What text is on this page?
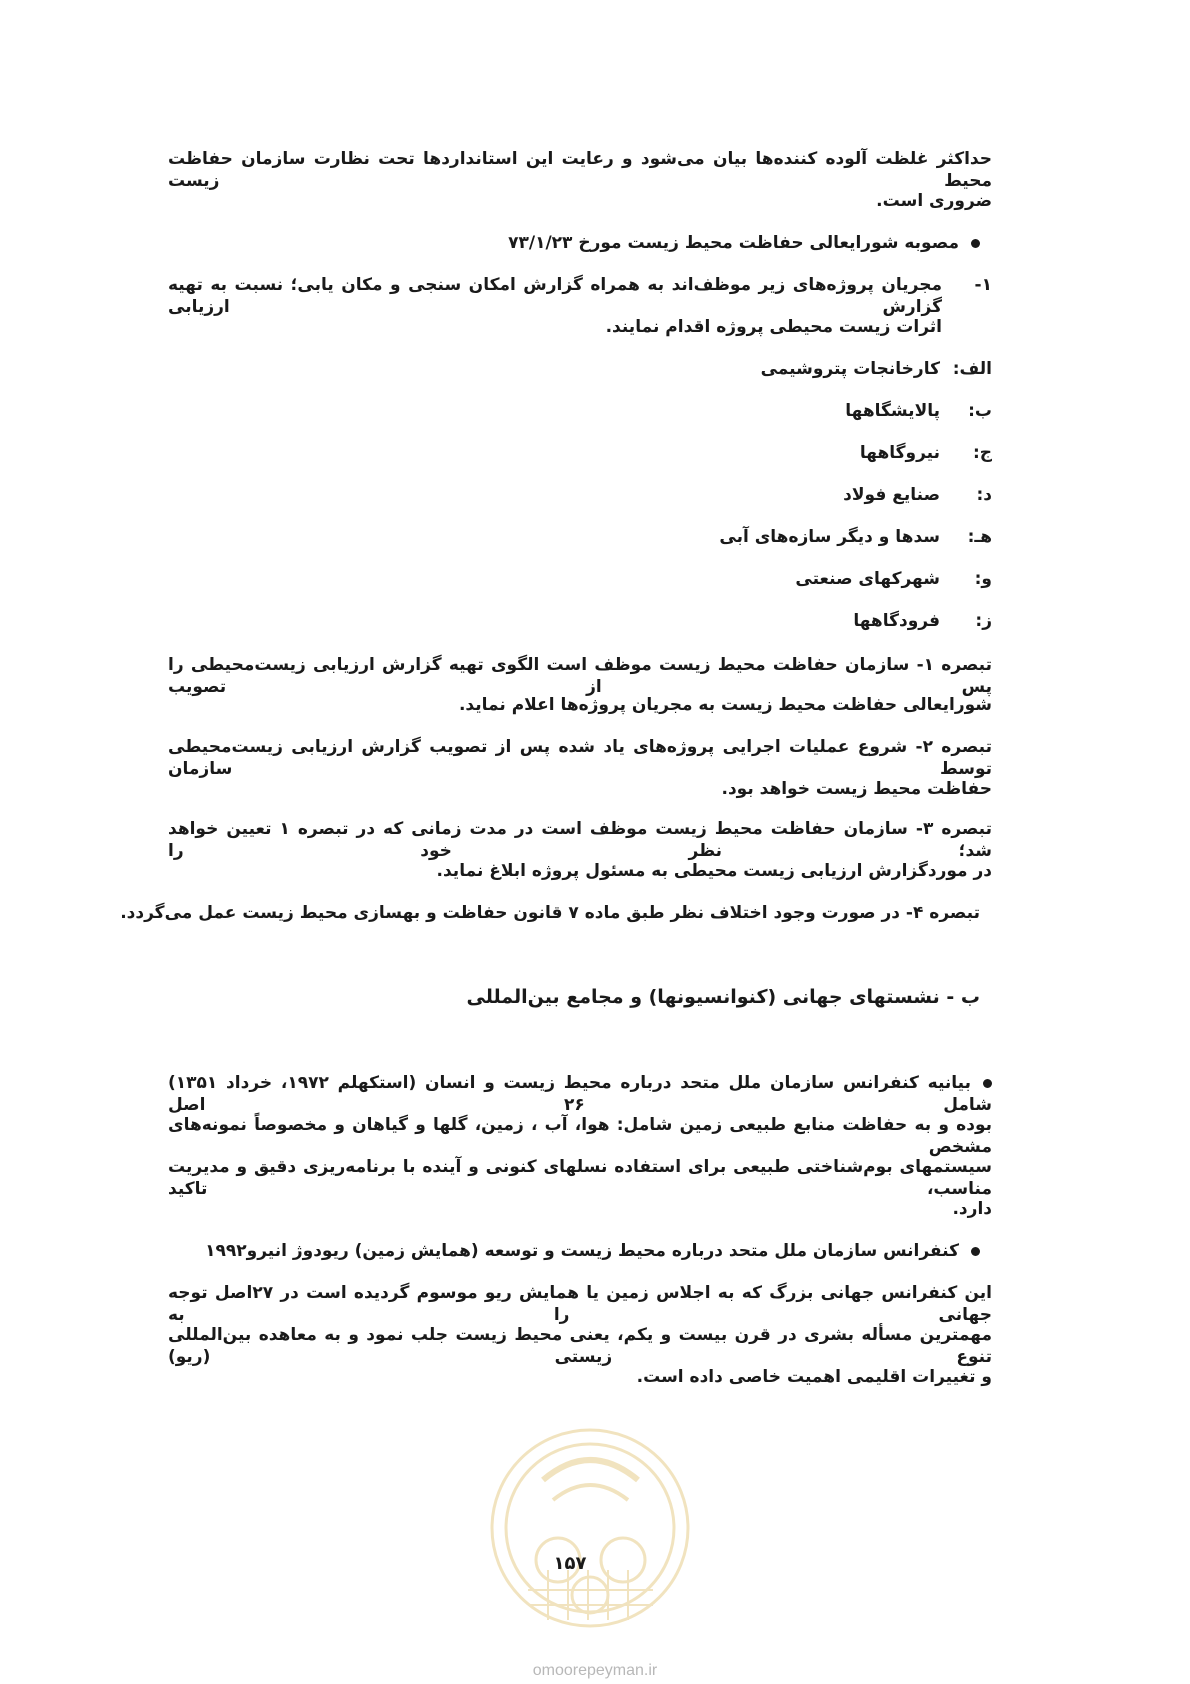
حداکثر غلظت آلوده کننده‌ها بیان می‌شود و رعایت این استانداردها تحت نظارت سازمان حفاظت محیط زیست
ضروری است.
مصوبه شورایعالی حفاظت محیط زیست مورخ ۷۳/۱/۲۳
۱-
مجریان پروژه‌های زیر موظف‌اند به همراه گزارش امکان سنجی و مکان یابی؛ نسبت به تهیه گزارش ارزیابی
اثرات زیست محیطی پروژه اقدام نمایند.
الف:
کارخانجات پتروشیمی
ب:
پالایشگاهها
ج:
نیروگاهها
د:
صنایع فولاد
هـ:
سدها و دیگر سازه‌های آبی
و:
شهرکهای صنعتی
ز:
فرودگاهها
تبصره ۱- سازمان حفاظت محیط زیست موظف است الگوی تهیه گزارش ارزیابی زیست‌محیطی را پس از تصویب
شورایعالی حفاظت محیط زیست به مجریان پروژه‌ها اعلام نماید.
تبصره ۲- شروع عملیات اجرایی پروژه‌های یاد شده پس از تصویب گزارش ارزیابی زیست‌محیطی توسط سازمان
حفاظت محیط زیست خواهد بود.
تبصره ۳- سازمان حفاظت محیط زیست موظف است در مدت زمانی که در تبصره ۱ تعیین خواهد شد؛ نظر خود را
در موردگزارش ارزیابی زیست محیطی به مسئول پروژه ابلاغ نماید.
تبصره ۴- در صورت وجود اختلاف نظر طبق ماده ۷ قانون حفاظت و بهسازی محیط زیست عمل می‌گردد.
ب - نشستهای جهانی (کنوانسیونها) و مجامع بین‌المللی
بیانیه کنفرانس سازمان ملل متحد درباره محیط زیست و انسان (استکهلم ۱۹۷۲، خرداد ۱۳۵۱) شامل ۲۶ اصل
بوده و به حفاظت منابع طبیعی زمین شامل: هوا، آب ، زمین، گلها و گیاهان و مخصوصاً نمونه‌های مشخص
سیستمهای بوم‌شناختی طبیعی برای استفاده نسلهای کنونی و آینده با برنامه‌ریزی دقیق و مدیریت مناسب، تاکید
دارد.
کنفرانس سازمان ملل متحد درباره محیط زیست و توسعه (همایش زمین) ریودوژ انیرو۱۹۹۲
این کنفرانس جهانی بزرگ که به اجلاس زمین یا همایش ریو موسوم گردیده است در ۲۷اصل توجه جهانی را به
مهمترین مسأله بشری در قرن بیست و یکم، یعنی محیط زیست جلب نمود و به معاهده بین‌المللی تنوع زیستی (ریو)
و تغییرات اقلیمی اهمیت خاصی داده است.
۱۵۷
omoorepeyman.ir
